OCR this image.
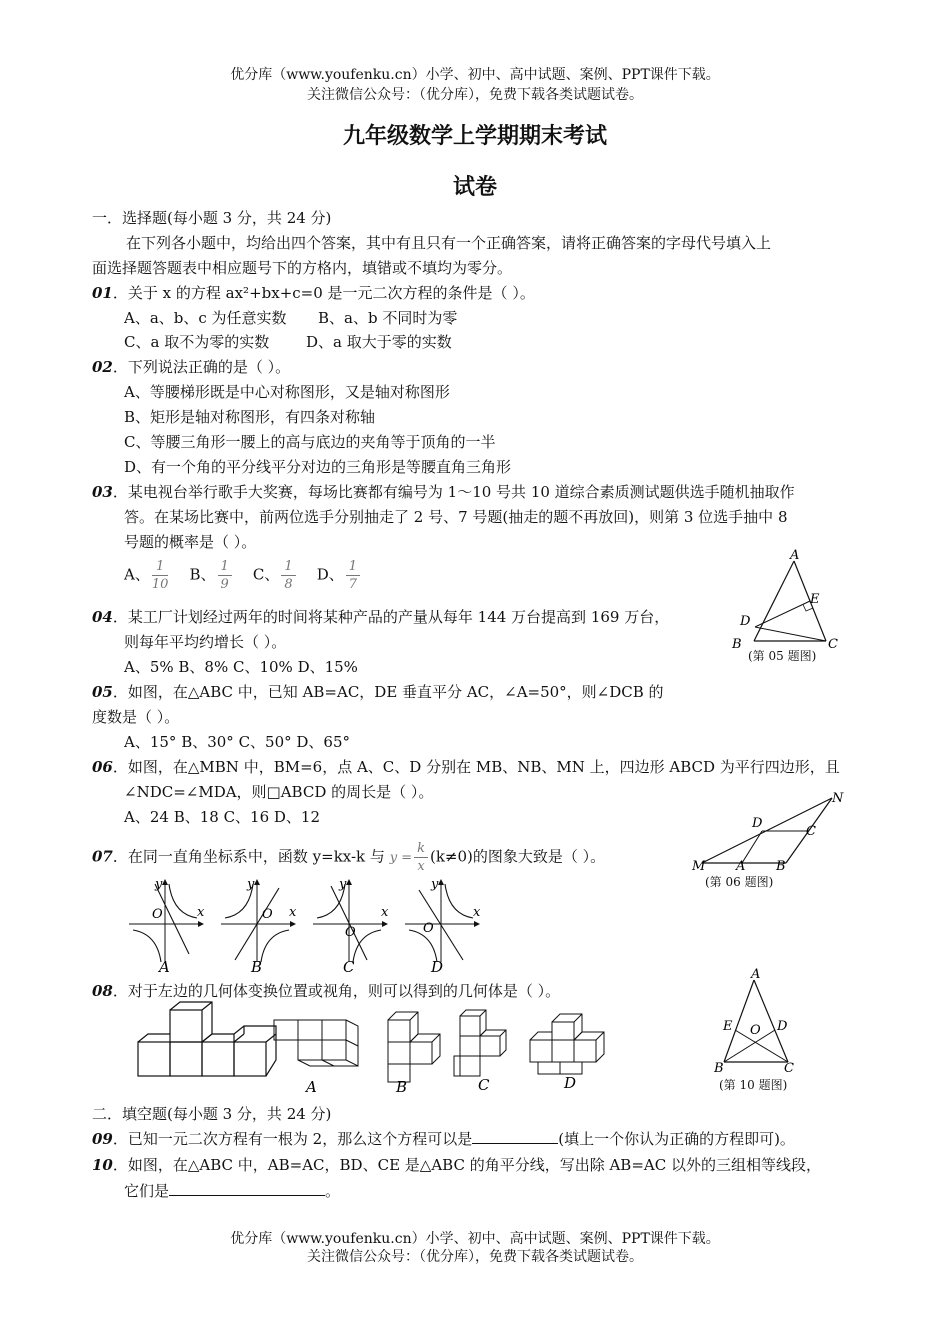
优分库（www.youfenku.cn）小学、初中、高中试题、案例、PPT课件下载。
关注微信公众号：（优分库），免费下载各类试题试卷。
九年级数学上学期期末考试
试卷
一．选择题(每小题 3 分，共 24 分)
在下列各小题中，均给出四个答案，其中有且只有一个正确答案，请将正确答案的字母代号填入上
面选择题答题表中相应题号下的方格内，填错或不填均为零分。
01．关于 x 的方程 ax²+bx+c=0 是一元二次方程的条件是（ ）。
A、a、b、c 为任意实数 B、a、b 不同时为零
C、a 取不为零的实数 D、a 取大于零的实数
02．下列说法正确的是（ ）。
A、等腰梯形既是中心对称图形，又是轴对称图形
B、矩形是轴对称图形，有四条对称轴
C、等腰三角形一腰上的高与底边的夹角等于顶角的一半
D、有一个角的平分线平分对边的三角形是等腰直角三角形
03．某电视台举行歌手大奖赛，每场比赛都有编号为 1～10 号共 10 道综合素质测试题供选手随机抽取作
答。在某场比赛中，前两位选手分别抽走了 2 号、7 号题(抽走的题不再放回)，则第 3 位选手抽中 8
号题的概率是（ ）。
A、 $\frac{1}{10}$ B、 $\frac{1}{9}$ C、 $\frac{1}{8}$ D、 $\frac{1}{7}$
A
E
D
B	C
(第 05 题图)
04．某工厂计划经过两年的时间将某种产品的产量从每年 144 万台提高到 169 万台，
则每年平均约增长（ ）。
A、5% B、8% C、10% D、15%
05．如图，在△ABC 中，已知 AB=AC，DE 垂直平分 AC，∠A=50°，则∠DCB 的
度数是（ ）。
A、15° B、30° C、50° D、65°
06．如图，在△MBN 中，BM=6，点 A、C、D 分别在 MB、NB、MN 上，四边形 ABCD 为平行四边形，且
∠NDC=∠MDA，则□ABCD 的周长是（ ）。
A、24 B、18 C、16 D、12
N
D
C
M A B
(第 06 题图)
07．在同一直角坐标系中，函数 y=kx-k 与 $y = \frac{k}{x} (k\ne 0)$的图象大致是（ ）。
y
x
O
A
y
x
O
B
y
x
O
C
y
x
O
D	A
E O D
B	C
(第 10 题图)
08．对于左边的几何体变换位置或视角，则可以得到的几何体是（ ）。
A	B	C	D
二．填空题(每小题 3 分，共 24 分)
09．已知一元二次方程有一根为 2，那么这个方程可以是	(填上一个你认为正确的方程即可)。
10．如图，在△ABC 中，AB=AC，BD、CE 是△ABC 的角平分线，写出除 AB=AC 以外的三组相等线段，
它们是	。
优分库（www.youfenku.cn）小学、初中、高中试题、案例、PPT课件下载。
关注微信公众号：（优分库），免费下载各类试题试卷。
